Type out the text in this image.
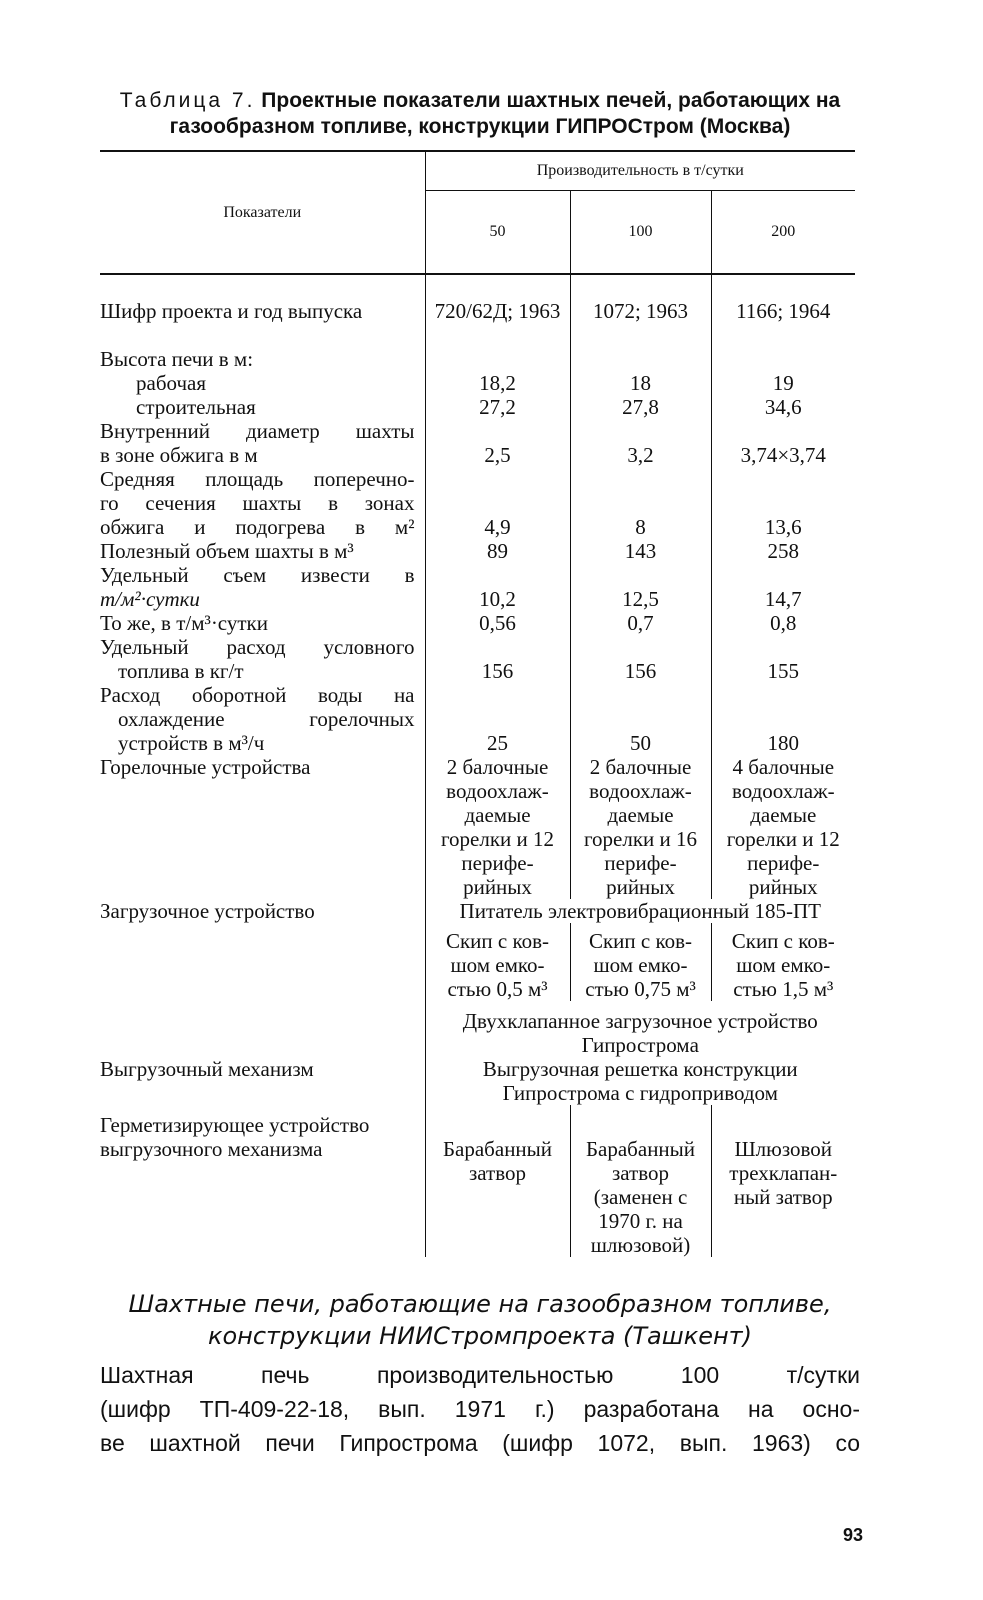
Таблица 7. Проектные показатели шахтных печей, работающих на газообразном топливе, конструкции ГИПРОСтром (Москва)
Показатели	Производительность в т/сутки		
	50	100	200

Шифр проекта и год выпуска	720/62Д; 1963	1072; 1963	1166; 1964

Высота печи в м:			

рабочая	18,2	18	19

строительная	27,2	27,8	34,6

Внутренний диаметр шахты
в зоне обжига в м	2,5	3,2	3,74×3,74

Средняя площадь поперечно-
го сечения шахты в зонах
обжига и подогрева в м²	4,9	8	13,6
Полезный объем шахты в м³	89	143	258

Удельный съем извести в
т/м²·сутки	10,2	12,5	14,7
То же, в т/м³·сутки	0,56	0,7	0,8

Удельный расход условного
топлива в кг/т	156	156	155

Расход оборотной воды на
охлаждение горелочных
устройств в м³/ч	25	50	180
Горелочные устройства	2 балочные водоохлаж- даемые горелки и 12 перифе- рийных	2 балочные водоохлаж- даемые горелки и 16 перифе- рийных	4 балочные водоохлаж- даемые горелки и 12 перифе- рийных
Загрузочное устройство	Питатель электровибрационный 185-ПТ		
	Скип с ков- шом емко- стью 0,5 м³	Скип с ков- шом емко- стью 0,75 м³	Скип с ков- шом емко- стью 1,5 м³
	Двухклапанное загрузочное устройство Гипростромa		
Выгрузочный механизм	Выгрузочная решетка конструкции Гипростромa с гидроприводом		

Герметизирующее устройство
выгрузочного механизма	Барабанный затвор	Барабанный затвор (заменен с 1970 г. на шлюзовой)	Шлюзовой трехклапан- ный затвор
Шахтные печи, работающие на газообразном топливе,
конструкции НИИСтромпроекта (Ташкент)
Шахтная печь производительностью 100 т/сутки
(шифр ТП-409-22-18, вып. 1971 г.) разработана на осно-
ве шахтной печи Гипрострома (шифр 1072, вып. 1963) со
93
